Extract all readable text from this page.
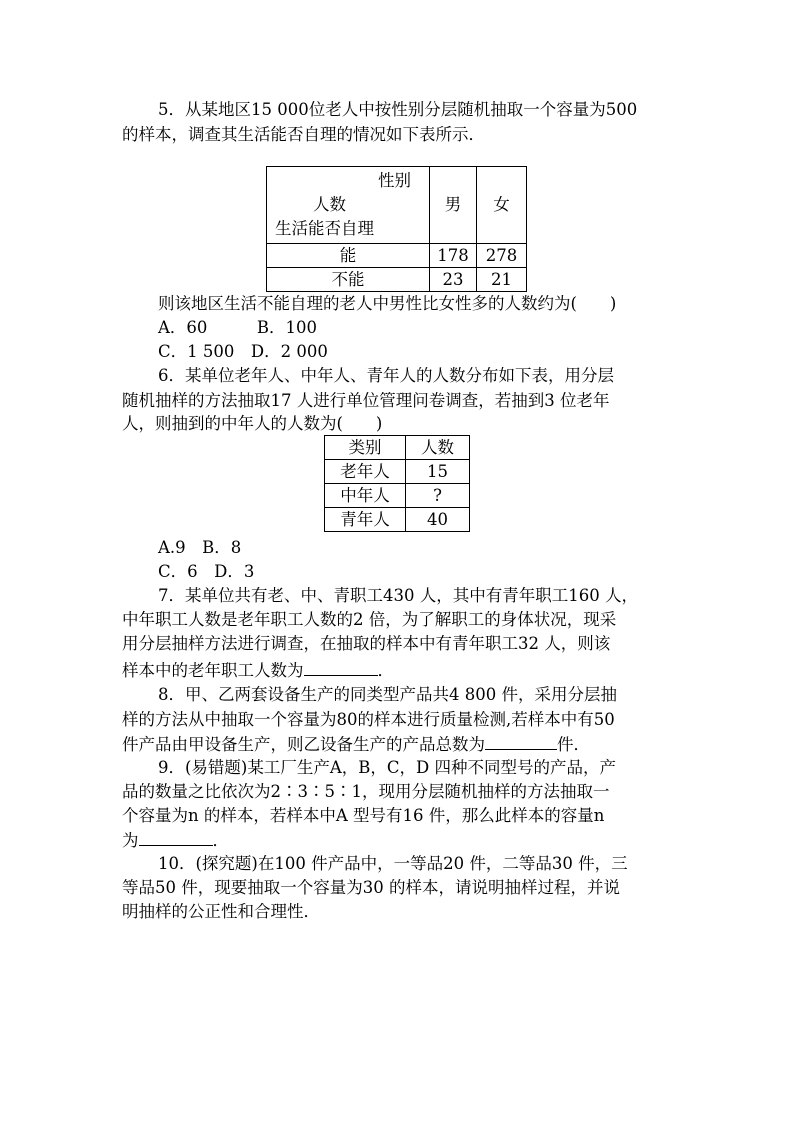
5．从某地区15 000位老人中按性别分层随机抽取一个容量为500
的样本，调查其生活能否自理的情况如下表所示．
性别
人数
生活能否自理	男	女
能	178	278
不能	23	21
则该地区生活不能自理的老人中男性比女性多的人数约为(　　)
A．60　　　B．100
C．1 500　D．2 000
6．某单位老年人、中年人、青年人的人数分布如下表，用分层
随机抽样的方法抽取17 人进行单位管理问卷调查，若抽到3 位老年
人，则抽到的中年人的人数为(　　)
类别	人数
老年人	15
中年人	?
青年人	40
A.9　B．8
C．6　D．3
7．某单位共有老、中、青职工430 人，其中有青年职工160 人，
中年职工人数是老年职工人数的2 倍，为了解职工的身体状况，现采
用分层抽样方法进行调查，在抽取的样本中有青年职工32 人，则该
样本中的老年职工人数为	．
8．甲、乙两套设备生产的同类型产品共4 800 件，采用分层抽
样的方法从中抽取一个容量为80的样本进行质量检测,若样本中有50
件产品由甲设备生产，则乙设备生产的产品总数为	件．
9．(易错题)某工厂生产A，B，C，D 四种不同型号的产品，产
品的数量之比依次为2∶3∶5∶1，现用分层随机抽样的方法抽取一
个容量为n 的样本，若样本中A 型号有16 件，那么此样本的容量n
为	．
10．(探究题)在100 件产品中，一等品20 件，二等品30 件，三
等品50 件，现要抽取一个容量为30 的样本，请说明抽样过程，并说
明抽样的公正性和合理性．
